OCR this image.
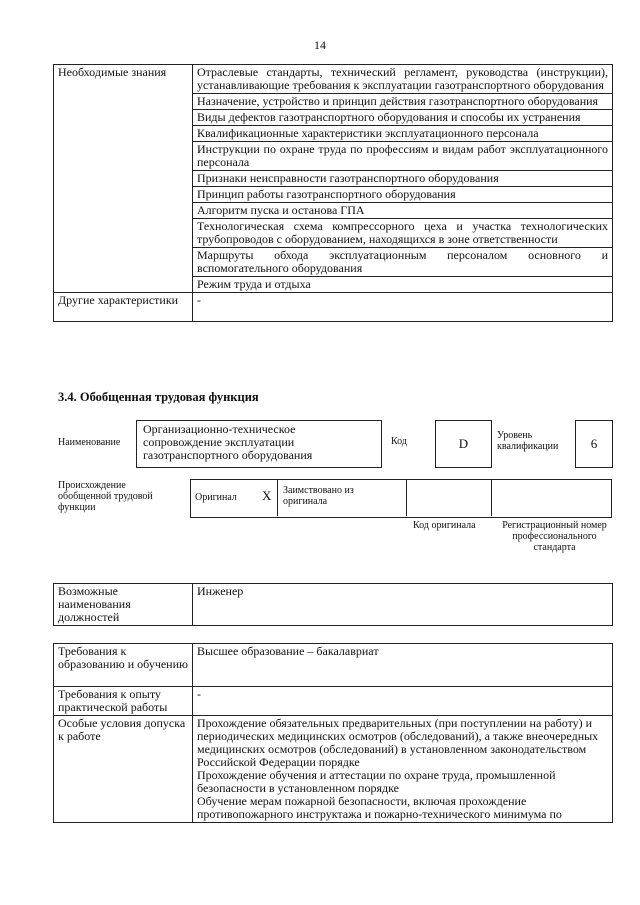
14
Необходимые знания	Отраслевые стандарты, технический регламент, руководства (инструкции), устанавливающие требования к эксплуатации газотранспортного оборудования
	Назначение, устройство и принцип действия газотранспортного оборудования
	Виды дефектов газотранспортного оборудования и способы их устранения
	Квалификационные характеристики эксплуатационного персонала
	Инструкции по охране труда по профессиям и видам работ эксплуатационного персонала
	Признаки неисправности газотранспортного оборудования
	Принцип работы газотранспортного оборудования
	Алгоритм пуска и останова ГПА
	Технологическая схема компрессорного цеха и участка технологических трубопроводов с оборудованием, находящихся в зоне ответственности
	Маршруты обхода эксплуатационным персоналом основного и вспомогательного оборудования
	Режим труда и отдыха
Другие характеристики	-
3.4. Обобщенная трудовая функция
Наименование
Организационно-техническое сопровождение эксплуатации газотранспортного оборудования
Код	D
Уровень квалификации	6
Происхождение обобщенной трудовой функции
Оригинал X Заимствовано из оригинала
Код оригинала	Регистрационный номер профессионального стандарта
Возможные наименования должностей	Инженер
Требования к образованию и обучению	Высшее образование – бакалавриат
Требования к опыту практической работы	-
Особые условия допуска к работе	Прохождение обязательных предварительных (при поступлении на работу) и периодических медицинских осмотров (обследований), а также внеочередных медицинских осмотров (обследований) в установленном законодательством Российской Федерации порядке
Прохождение обучения и аттестации по охране труда, промышленной безопасности в установленном порядке
Обучение мерам пожарной безопасности, включая прохождение противопожарного инструктажа и пожарно-технического минимума по
